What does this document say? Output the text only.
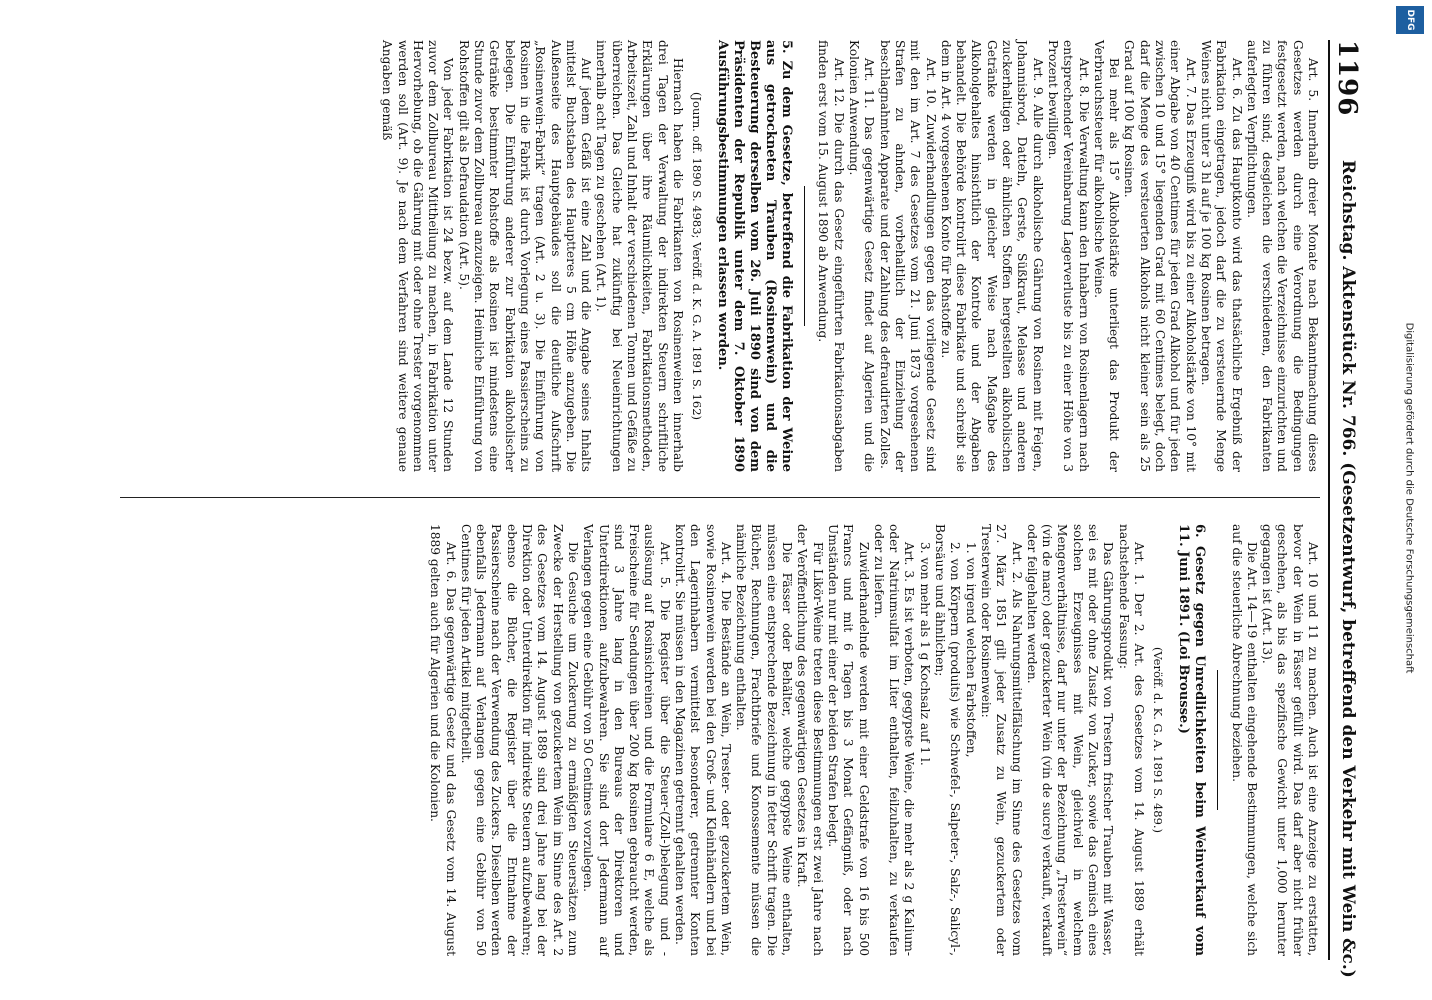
1196
Reichstag. Aktenstück Nr. 766. (Gesetzentwurf, betreffend den Verkehr mit Wein &c.)

Art. 5. Innerhalb dreier Monate nach Bekanntmachung dieses Gesetzes werden durch eine Verordnung die Bedingungen festgesetzt werden, nach welchen die Verzeichnisse einzurichten und zu führen sind; desgleichen die verschiedenen, den Fabrikanten auferlegten Verpflichtungen.

Art. 6. Zu das Hauptkonto wird das thatsächliche Ergebniß der Fabrikation eingetragen, jedoch darf die zu versteuernde Menge Weines nicht unter 3 hl auf je 100 kg Rosinen betragen.

Art. 7. Das Erzeugniß wird bis zu einer Alkoholstärke von 10° mit einer Abgabe von 40 Centimes für jeden Grad Alkohol und für jeden zwischen 10 und 15° liegenden Grad mit 60 Centimes belegt, doch darf die Menge des versteuerten Alkohols nicht kleiner sein als 25 Grad auf 100 kg Rosinen.

Bei mehr als 15° Alkoholstärke unterliegt das Produkt der Verbrauchssteuer für alkoholische Weine.

Art. 8. Die Verwaltung kann den Inhabern von Rosinenlagern nach entsprechender Vereinbarung Lagerverluste bis zu einer Höhe von 3 Prozent bewilligen.

Art. 9. Alle durch alkoholische Gährung von Rosinen mit Feigen, Johannisbrod, Datteln, Gerste, Süßkraut, Melasse und anderen zuckerhaltigen oder ähnlichen Stoffen hergestellten alkoholischen Getränke werden in gleicher Weise nach Maßgabe des Alkoholgehaltes hinsichtlich der Kontrole und der Abgaben behandelt. Die Behörde kontrolirt diese Fabrikate und schreibt sie dem in Art. 4 vorgesehenen Konto für Rohstoffe zu.

Art. 10. Zuwiderhandlungen gegen das vorliegende Gesetz sind mit den im Art. 7 des Gesetzes vom 21. Juni 1873 vorgesehenen Strafen zu ahnden, vorbehaltlich der Einziehung der beschlagnahmten Apparate und der Zahlung des defraudirten Zolles.

Art. 11. Das gegenwärtige Gesetz findet auf Algerien und die Kolonien Anwendung.

Art. 12. Die durch das Gesetz eingeführten Fabrikationsabgaben finden erst vom 15. August 1890 ab Anwendung.

5. Zu dem Gesetze, betreffend die Fabrikation der Weine aus getrockneten Trauben (Rosinenwein) und die Besteuerung derselben vom 26. Juli 1890 sind von dem Präsidenten der Republik unter dem 7. Oktober 1890 Ausführungsbestimmungen erlassen worden.

(Journ. off. 1890 S. 4983; Veröff. d. K. G. A. 1891 S. 162)

Hiernach haben die Fabrikanten von Rosinenweinen innerhalb drei Tagen der Verwaltung der indirekten Steuern schriftliche Erklärungen über ihre Räumlichkeiten, Fabrikationsmethoden, Arbeitszeit, Zahl und Inhalt der verschiedenen Tonnen und Gefäße zu überreichen. Das Gleiche hat zukünftig bei Neueinrichtungen innerhalb acht Tagen zu geschehen (Art. 1).

Auf jedem Gefäß ist eine Zahl und die Angabe seines Inhalts mittelst Buchstaben des Hauptteres 5 cm Höhe anzugeben. Die Außenseite des Hauptgebäudes soll die deutliche Aufschrift „Rosinenwein-Fabrik“ tragen (Art. 2 u. 3). Die Einführung von Rosinen in die Fabrik ist durch Vorlegung eines Passierscheins zu belegen. Die Einführung anderer zur Fabrikation alkoholischer Getränke bestimmter Rohstoffe als Rosinen ist mindestens eine Stunde zuvor dem Zollbureau anzuzeigen. Heimliche Einführung von Rohstoffen gilt als Defraudation (Art. 5).

Von jeder Fabrikation ist 24 bezw. auf dem Lande 12 Stunden zuvor dem Zollbureau Mittheilung zu machen, in Fabrikation unter Hervorhebung, ob die Gährung mit oder ohne Trester vorgenommen werden soll (Art. 9). Je nach dem Verfahren sind weitere genaue Angaben gemäß

Art. 10 und 11 zu machen. Auch ist eine Anzeige zu erstatten, bevor der Wein in Fässer gefüllt wird. Das darf aber nicht früher geschehen, als bis das spezifische Gewicht unter 1,000 herunter gegangen ist (Art. 13).

Die Art. 14—19 enthalten eingehende Bestimmungen, welche sich auf die steuerliche Abrechnung beziehen.

6. Gesetz gegen Unredlichkeiten beim Weinverkauf vom 11. Juni 1891. (Loi Brousse.)

(Veröff. d. K. G. A. 1891 S. 489.)

Art. 1. Der 2. Art. des Gesetzes vom 14. August 1889 erhält nachstehende Fassung:

Das Gährungsprodukt von Trestern frischer Trauben mit Wasser, sei es mit oder ohne Zusatz von Zucker, sowie das Gemisch eines solchen Erzeugnisses mit Wein, gleichviel in welchem Mengenverhältnisse, darf nur unter der Bezeichnung „Tresterwein“ (vin de marc) oder gezuckerter Wein (vin de sucre) verkauft, verkauft oder feilgehalten werden.

Art. 2. Als Nahrungsmittelfälschung im Sinne des Gesetzes vom 27. März 1851 gilt jeder Zusatz zu Wein, gezuckertem oder Tresterwein oder Rosinenwein:

1. von irgend welchen Farbstoffen,

2. von Körpern (produits) wie Schwefel-, Salpeter-, Salz-, Salicyl-, Borsäure und ähnlichen;

3. von mehr als 1 g Kochsalz auf 1 l.

Art. 3. Es ist verboten, gegypste Weine, die mehr als 2 g Kalium- oder Natriumsulfat im Liter enthalten, feilzuhalten, zu verkaufen oder zu liefern.

Zuwiderhandelnde werden mit einer Geldstrafe von 16 bis 500 Francs und mit 6 Tagen bis 3 Monat Gefängniß, oder nach Umständen nur mit einer der beiden Strafen belegt.

Für Likör-Weine treten diese Bestimmungen erst zwei Jahre nach der Veröffentlichung des gegenwärtigen Gesetzes in Kraft.

Die Fässer oder Behälter, welche gegypste Weine enthalten, müssen eine entsprechende Bezeichnung in fetter Schrift tragen. Die Bücher, Rechnungen, Frachtbriefe und Konossemente müssen die nämliche Bezeichnung enthalten.

Art. 4. Die Bestände an Wein, Trester- oder gezuckertem Wein, sowie Rosinenwein werden bei den Groß- und Kleinhändlern und bei den Lagerinhabern vermittelst besonderer, getrennter Konten kontrolirt. Sie müssen in den Magazinen getrennt gehalten werden.

Art. 5. Die Register über die Steuer-(Zoll-)belegung und -auslösung auf Rosinsichreinen und die Formulare 6 E, welche als Freischeine für Sendungen über 200 kg Rosinen gebraucht werden, sind 3 Jahre lang in den Bureaus der Direktoren und Unterdirektionen aufzubewahren. Sie sind dort Jedermann auf Verlangen gegen eine Gebühr von 50 Centimes vorzulegen.

Die Gesuche um Zuckerung zu ermäßigten Steuersätzen zum Zwecke der Herstellung von gezuckertem Wein im Sinne des Art. 2 des Gesetzes vom 14. August 1889 sind drei Jahre lang bei der Direktion oder Unterdirektion für indirekte Steuern aufzubewahren; ebenso die Bücher, die Register über die Entnahme der Passierscheine nach der Verwendung des Zuckers. Dieselben werden ebenfalls Jedermann auf Verlangen gegen eine Gebühr von 50 Centimes für jeden Artikel mitgetheilt.

Art. 6. Das gegenwärtige Gesetz und das Gesetz vom 14. August 1889 gelten auch für Algerien und die Kolonien.	Digitalisierung gefördert durch die Deutsche Forschungsgemeinschaft
DFG
